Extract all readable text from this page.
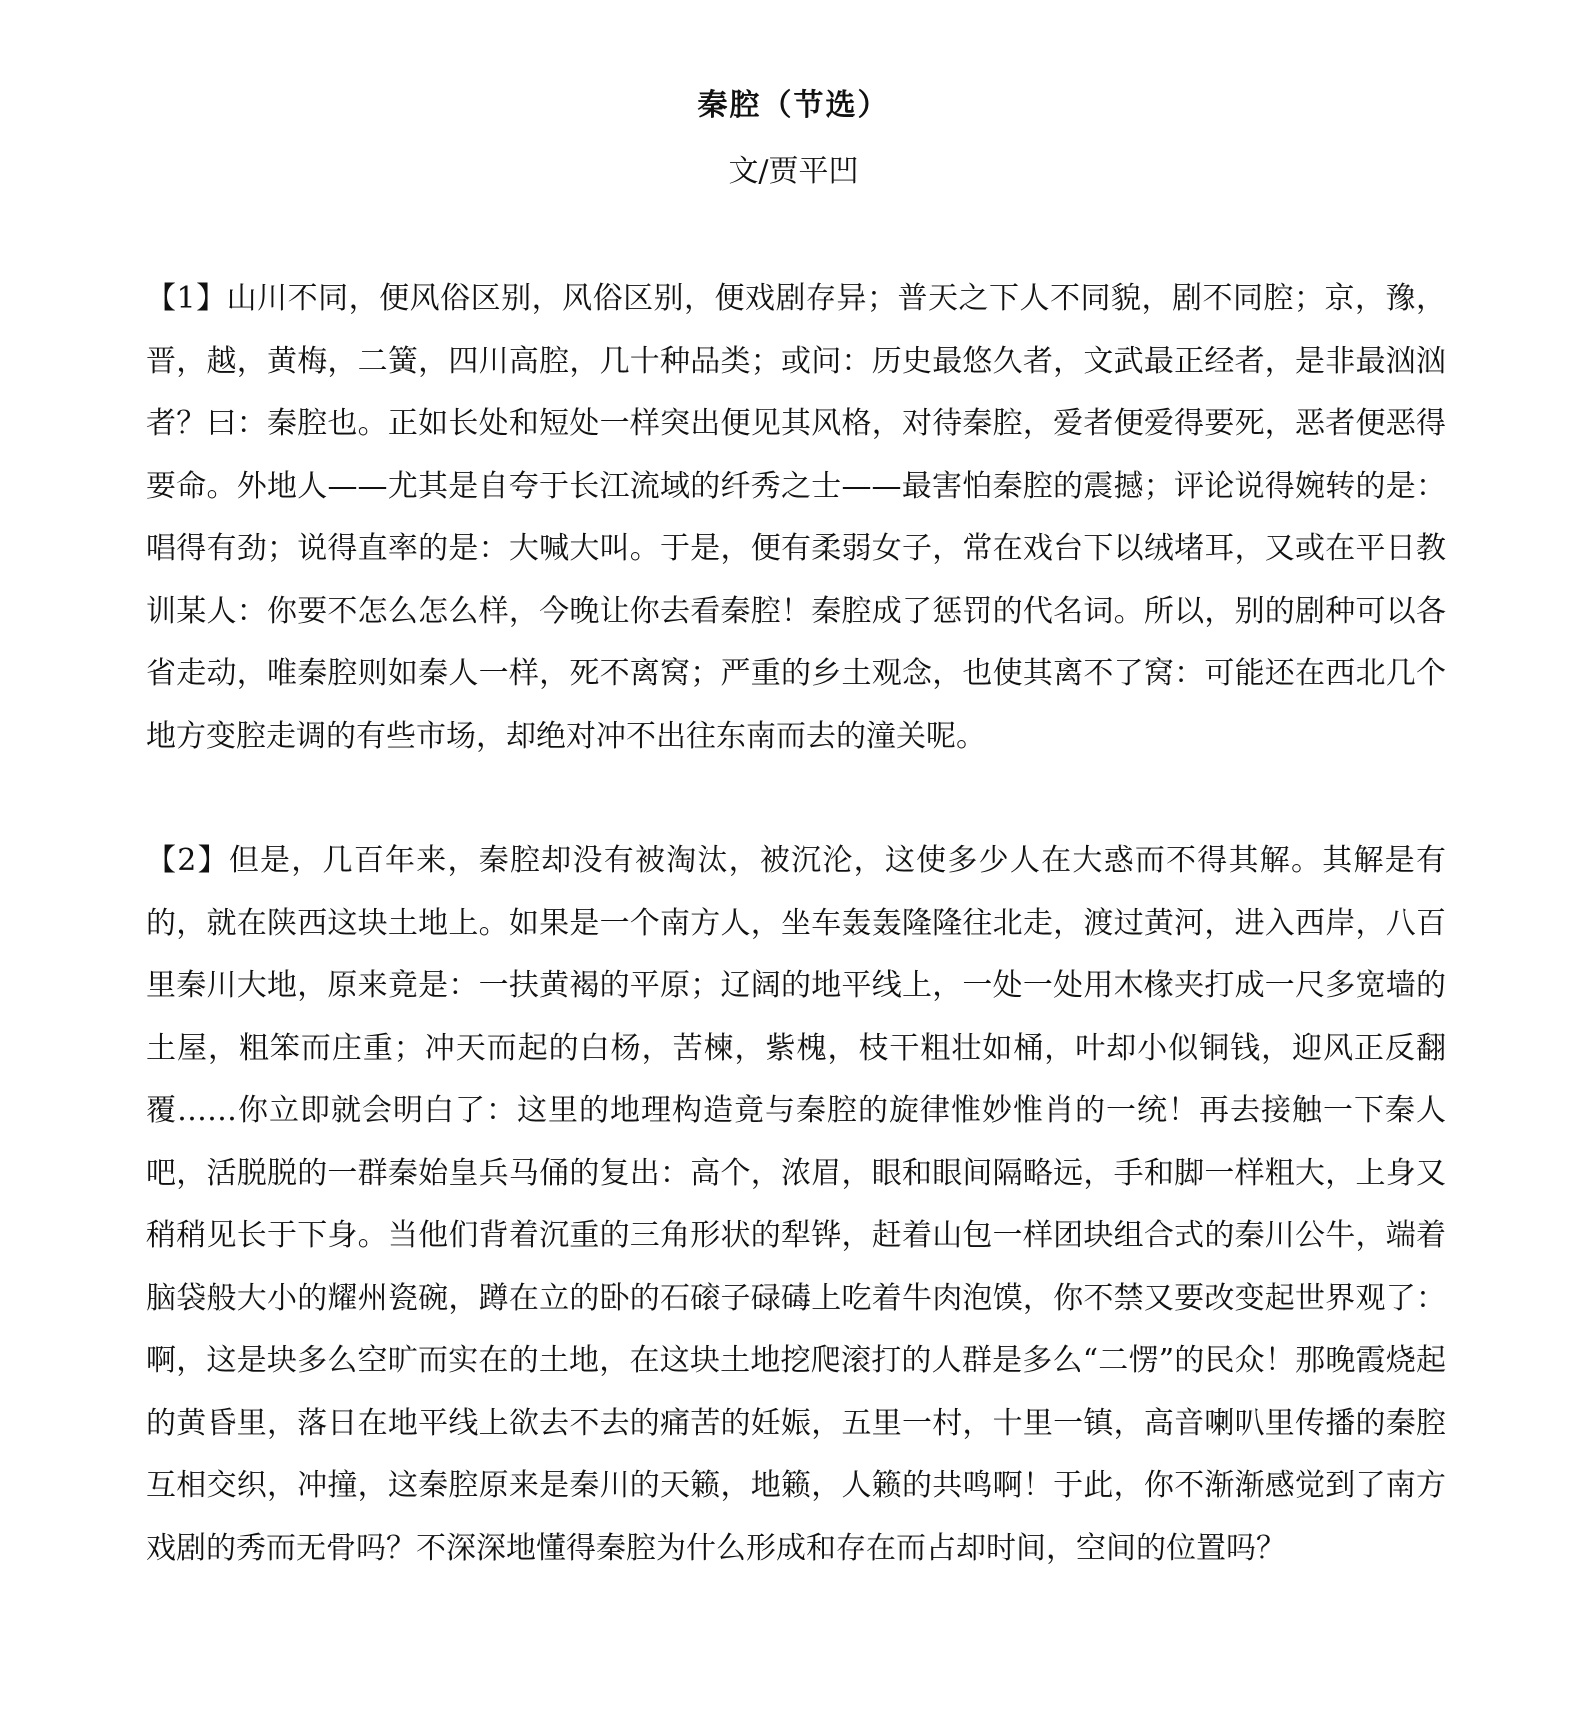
秦腔（节选）
文/贾平凹

【1】山川不同，便风俗区别，风俗区别，便戏剧存异；普天之下人不同貌，剧不同腔；京，豫，晋，越，黄梅，二簧，四川高腔，几十种品类；或问：历史最悠久者，文武最正经者，是非最汹汹者？曰：秦腔也。正如长处和短处一样突出便见其风格，对待秦腔，爱者便爱得要死，恶者便恶得要命。外地人——尤其是自夸于长江流域的纤秀之士——最害怕秦腔的震撼；评论说得婉转的是：唱得有劲；说得直率的是：大喊大叫。于是，便有柔弱女子，常在戏台下以绒堵耳，又或在平日教训某人：你要不怎么怎么样，今晚让你去看秦腔！秦腔成了惩罚的代名词。所以，别的剧种可以各省走动，唯秦腔则如秦人一样，死不离窝；严重的乡土观念，也使其离不了窝：可能还在西北几个地方变腔走调的有些市场，却绝对冲不出往东南而去的潼关呢。

【2】但是，几百年来，秦腔却没有被淘汰，被沉沦，这使多少人在大惑而不得其解。其解是有的，就在陕西这块土地上。如果是一个南方人，坐车轰轰隆隆往北走，渡过黄河，进入西岸，八百里秦川大地，原来竟是：一扶黄褐的平原；辽阔的地平线上，一处一处用木椽夹打成一尺多宽墙的土屋，粗笨而庄重；冲天而起的白杨，苦楝，紫槐，枝干粗壮如桶，叶却小似铜钱，迎风正反翻覆……你立即就会明白了：这里的地理构造竟与秦腔的旋律惟妙惟肖的一统！再去接触一下秦人吧，活脱脱的一群秦始皇兵马俑的复出：高个，浓眉，眼和眼间隔略远，手和脚一样粗大，上身又稍稍见长于下身。当他们背着沉重的三角形状的犁铧，赶着山包一样团块组合式的秦川公牛，端着脑袋般大小的耀州瓷碗，蹲在立的卧的石磙子碌碡上吃着牛肉泡馍，你不禁又要改变起世界观了：啊，这是块多么空旷而实在的土地，在这块土地挖爬滚打的人群是多么“二愣”的民众！那晚霞烧起的黄昏里，落日在地平线上欲去不去的痛苦的妊娠，五里一村，十里一镇，高音喇叭里传播的秦腔互相交织，冲撞，这秦腔原来是秦川的天籁，地籁，人籁的共鸣啊！于此，你不渐渐感觉到了南方戏剧的秀而无骨吗？不深深地懂得秦腔为什么形成和存在而占却时间，空间的位置吗？
